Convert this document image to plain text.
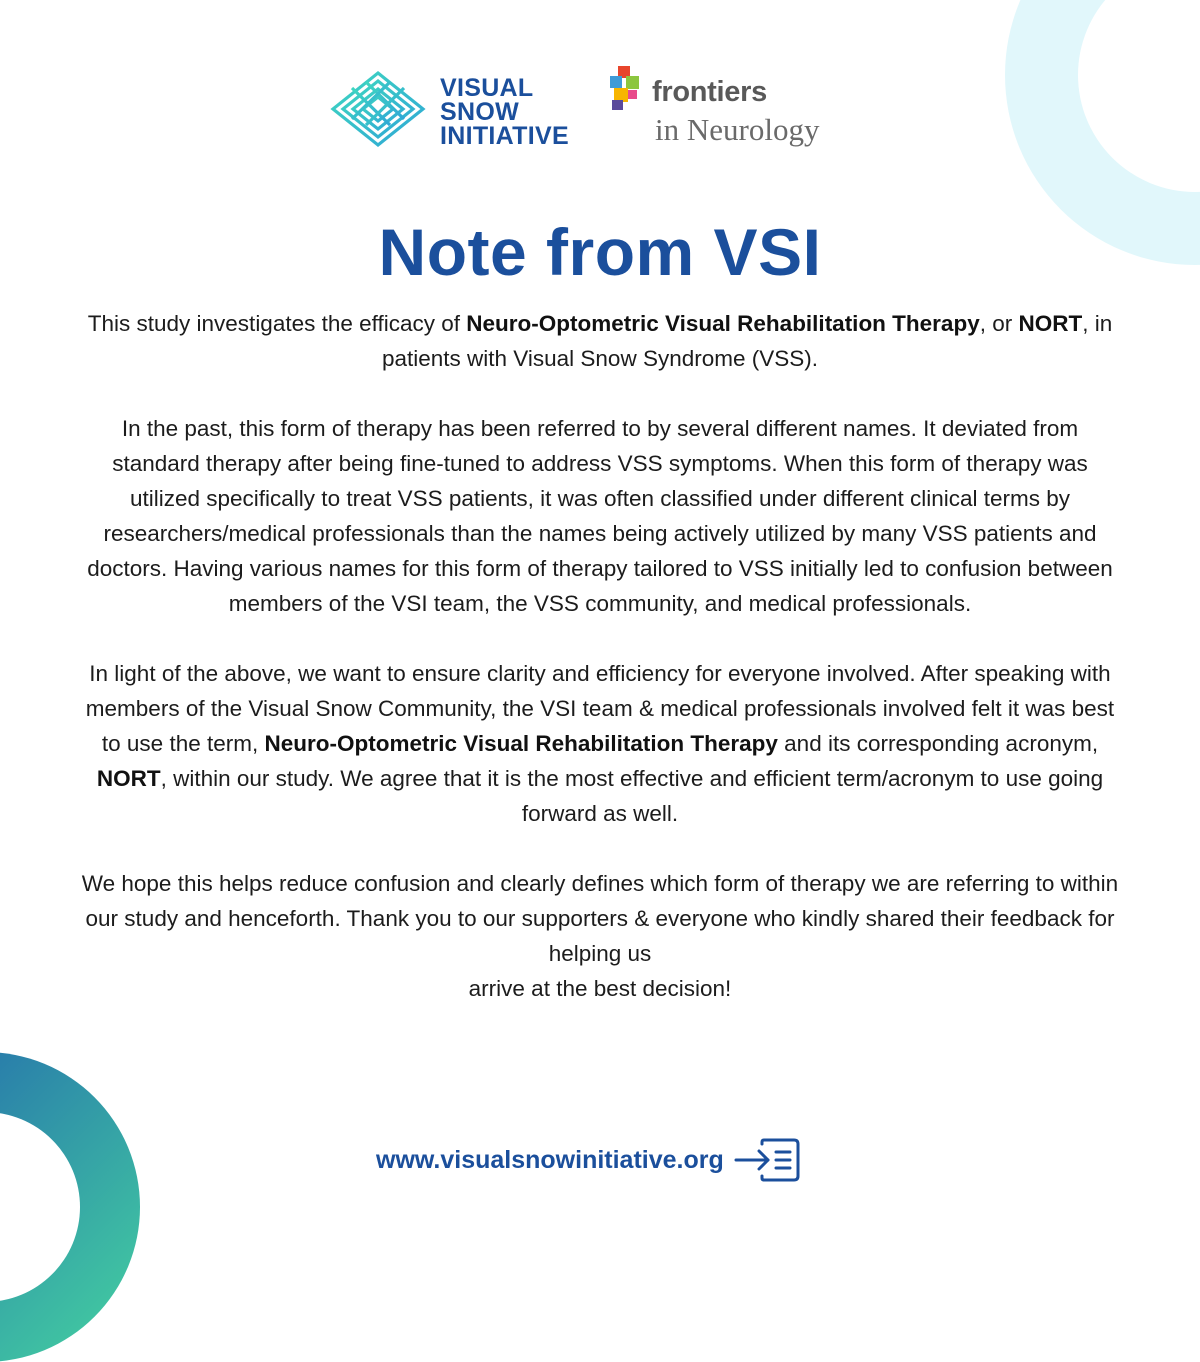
VISUAL
SNOW
INITIATIVE
frontiers
in Neurology
Note from VSI

This study investigates the efficacy of Neuro-Optometric Visual Rehabilitation Therapy, or NORT, in patients with Visual Snow Syndrome (VSS).

In the past, this form of therapy has been referred to by several different names. It deviated from standard therapy after being fine-tuned to address VSS symptoms. When this form of therapy was utilized specifically to treat VSS patients, it was often classified under different clinical terms by researchers/medical professionals than the names being actively utilized by many VSS patients and doctors. Having various names for this form of therapy tailored to VSS initially led to confusion between members of the VSI team, the VSS community, and medical professionals.

In light of the above, we want to ensure clarity and efficiency for everyone involved. After speaking with members of the Visual Snow Community, the VSI team & medical professionals involved felt it was best to use the term, Neuro-Optometric Visual Rehabilitation Therapy and its corresponding acronym, NORT, within our study. We agree that it is the most effective and efficient term/acronym to use going forward as well.

We hope this helps reduce confusion and clearly defines which form of therapy we are referring to within our study and henceforth. Thank you to our supporters & everyone who kindly shared their feedback for helping us
arrive at the best decision!

www.visualsnowinitiative.org
